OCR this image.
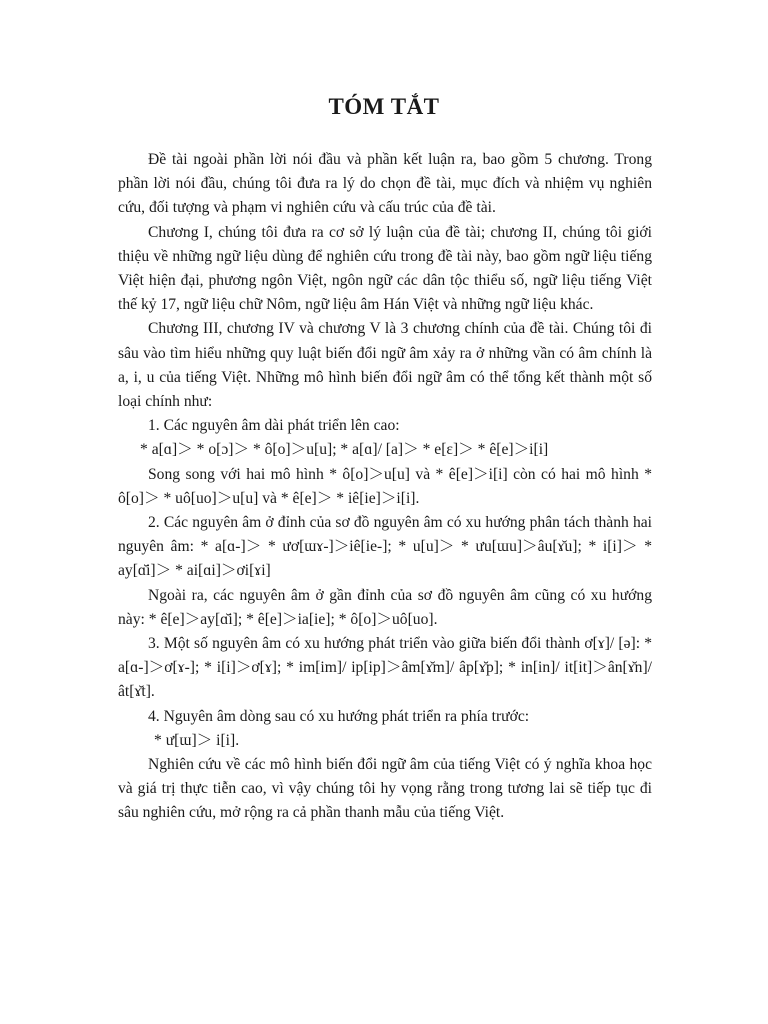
TÓM TẮT

Đề tài ngoài phần lời nói đầu và phần kết luận ra, bao gồm 5 chương. Trong phần lời nói đầu, chúng tôi đưa ra lý do chọn đề tài, mục đích và nhiệm vụ nghiên cứu, đối tượng và phạm vi nghiên cứu và cấu trúc của đề tài.

Chương I, chúng tôi đưa ra cơ sở lý luận của đề tài; chương II, chúng tôi giới thiệu về những ngữ liệu dùng để nghiên cứu trong đề tài này, bao gồm ngữ liệu tiếng Việt hiện đại, phương ngôn Việt, ngôn ngữ các dân tộc thiểu số, ngữ liệu tiếng Việt thế kỷ 17, ngữ liệu chữ Nôm, ngữ liệu âm Hán Việt và những ngữ liệu khác.

Chương III, chương IV và chương V là 3 chương chính của đề tài. Chúng tôi đi sâu vào tìm hiểu những quy luật biến đổi ngữ âm xảy ra ở những vần có âm chính là a, i, u của tiếng Việt. Những mô hình biến đổi ngữ âm có thể tổng kết thành một số loại chính như:

1. Các nguyên âm dài phát triển lên cao:

* a[ɑ]＞ * o[ɔ]＞ * ô[o]＞u[u]; * a[ɑ]/ [a]＞ * e[ɛ]＞ * ê[e]＞i[i]

Song song với hai mô hình * ô[o]＞u[u] và * ê[e]＞i[i] còn có hai mô hình * ô[o]＞ * uô[uo]＞u[u] và * ê[e]＞ * iê[ie]＞i[i].

2. Các nguyên âm ở đỉnh của sơ đồ nguyên âm có xu hướng phân tách thành hai nguyên âm: * a[ɑ-]＞ * ươ[ɯɤ-]＞iê[ie-]; * u[u]＞ * ưu[ɯu]＞âu[ɤ̆u]; * i[i]＞ * ay[ɑ̆i]＞ * ai[ɑi]＞ơi[ɤi]

Ngoài ra, các nguyên âm ở gần đỉnh của sơ đồ nguyên âm cũng có xu hướng này: * ê[e]＞ay[ɑ̆i]; * ê[e]＞ia[ie]; * ô[o]＞uô[uo].

3. Một số nguyên âm có xu hướng phát triển vào giữa biến đổi thành ơ[ɤ]/ [ə]: * a[ɑ-]＞ơ[ɤ-]; * i[i]＞ơ[ɤ]; * im[im]/ ip[ip]＞âm[ɤ̆m]/ âp[ɤ̆p]; * in[in]/ it[it]＞ân[ɤ̆n]/ ât[ɤ̆t].

4. Nguyên âm dòng sau có xu hướng phát triển ra phía trước:

* ư[ɯ]＞ i[i].

Nghiên cứu về các mô hình biến đổi ngữ âm của tiếng Việt có ý nghĩa khoa học và giá trị thực tiễn cao, vì vậy chúng tôi hy vọng rằng trong tương lai sẽ tiếp tục đi sâu nghiên cứu, mở rộng ra cả phần thanh mẫu của tiếng Việt.
